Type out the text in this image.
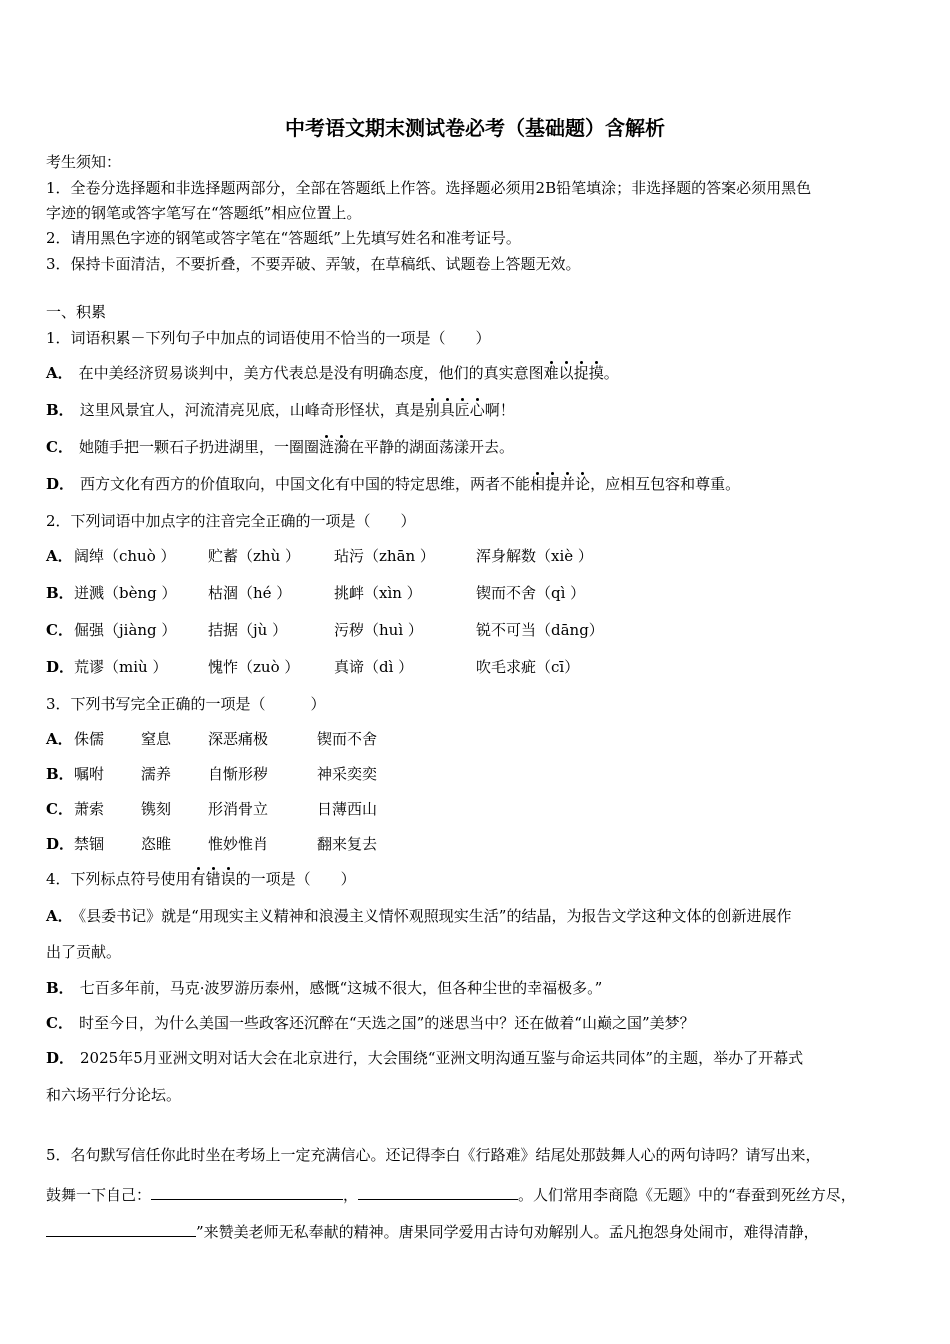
中考语文期末测试卷必考（基础题）含解析
考生须知：
1．全卷分选择题和非选择题两部分，全部在答题纸上作答。选择题必须用2B铅笔填涂；非选择题的答案必须用黑色
字迹的钢笔或答字笔写在“答题纸”相应位置上。
2．请用黑色字迹的钢笔或答字笔在“答题纸”上先填写姓名和准考证号。
3．保持卡面清洁，不要折叠，不要弄破、弄皱，在草稿纸、试题卷上答题无效。
一、积累
1．词语积累－下列句子中加点的词语使用不恰当的一项是（　　）
A． 在中美经济贸易谈判中，美方代表总是没有明确态度，他们的真实意图难以捉摸。
B． 这里风景宜人，河流清亮见底，山峰奇形怪状，真是别具匠心啊！
C． 她随手把一颗石子扔进湖里，一圈圈涟漪在平静的湖面荡漾开去。
D． 西方文化有西方的价值取向，中国文化有中国的特定思维，两者不能相提并论，应相互包容和尊重。
2．下列词语中加点字的注音完全正确的一项是（　　）
A． 阔绰（chuò ） 贮蓄（zhù ） 玷污（zhān ）	浑身解数（xiè ）
B． 迸溅（bèng ） 枯涸（hé ）	挑衅（xìn ）	锲而不舍（qì ）
C． 倔强（jiàng ） 拮据（jù ）	污秽（huì ）	锐不可当（dāng）
D． 荒谬（miù ）	愧怍（zuò ） 真谛（dì ）	吹毛求疵（cī）
3．下列书写完全正确的一项是（　　　）
A． 侏儒 窒息 深恶痛极	锲而不舍
B． 嘱咐 濡养 自惭形秽	神采奕奕
C． 萧索 镌刻 形消骨立	日薄西山
D． 禁锢 恣睢 惟妙惟肖	翻来复去
4．下列标点符号使用有错误的一项是（　　）
A． 《县委书记》就是“用现实主义精神和浪漫主义情怀观照现实生活”的结晶，为报告文学这种文体的创新进展作
出了贡献。
B． 七百多年前，马克·波罗游历泰州，感慨“这城不很大，但各种尘世的幸福极多。”
C． 时至今日，为什么美国一些政客还沉醉在“天选之国”的迷思当中？还在做着“山巅之国”美梦？
D． 2025年5月亚洲文明对话大会在北京进行，大会围绕“亚洲文明沟通互鉴与命运共同体”的主题，举办了开幕式
和六场平行分论坛。
5．名句默写信任你此时坐在考场上一定充满信心。还记得李白《行路难》结尾处那鼓舞人心的两句诗吗？请写出来，
鼓舞一下自己：	，	。人们常用李商隐《无题》中的“春蚕到死丝方尽，
”来赞美老师无私奉献的精神。唐果同学爱用古诗句劝解别人。孟凡抱怨身处闹市，难得清静，
